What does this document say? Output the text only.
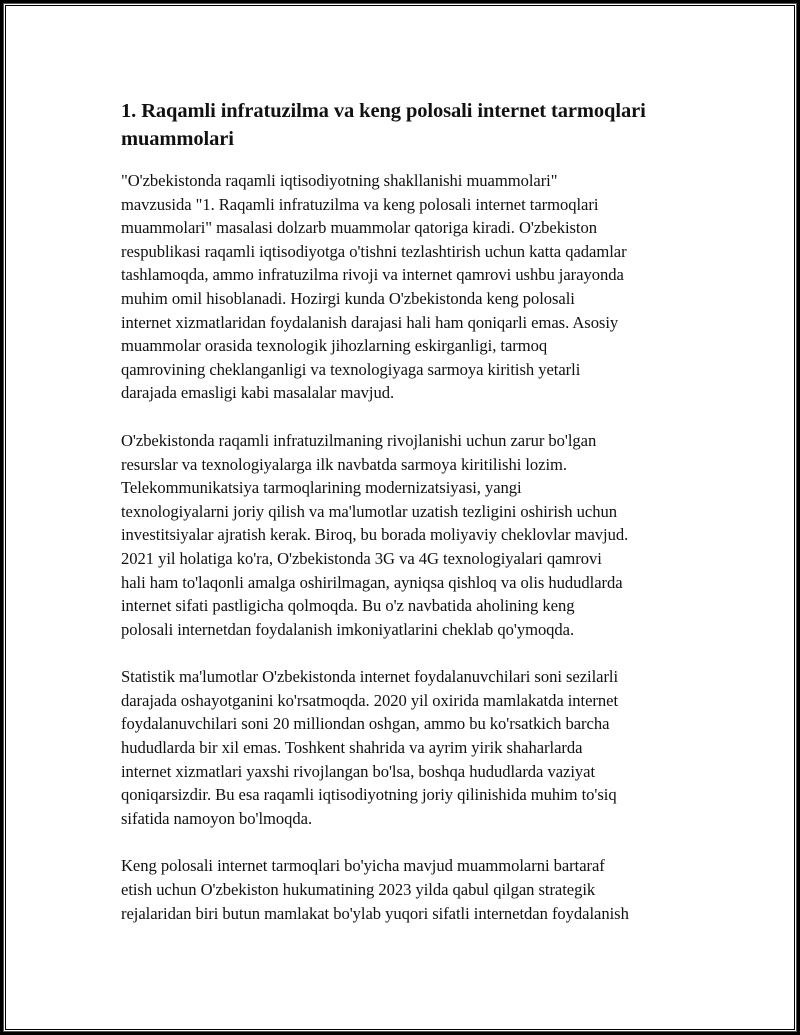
1. Raqamli infratuzilma va keng polosali internet tarmoqlari muammolari

"O'zbekistonda raqamli iqtisodiyotning shakllanishi muammolari"
mavzusida "1. Raqamli infratuzilma va keng polosali internet tarmoqlari
muammolari" masalasi dolzarb muammolar qatoriga kiradi. O'zbekiston
respublikasi raqamli iqtisodiyotga o'tishni tezlashtirish uchun katta qadamlar
tashlamoqda, ammo infratuzilma rivoji va internet qamrovi ushbu jarayonda
muhim omil hisoblanadi. Hozirgi kunda O'zbekistonda keng polosali
internet xizmatlaridan foydalanish darajasi hali ham qoniqarli emas. Asosiy
muammolar orasida texnologik jihozlarning eskirganligi, tarmoq
qamrovining cheklanganligi va texnologiyaga sarmoya kiritish yetarli
darajada emasligi kabi masalalar mavjud.

O'zbekistonda raqamli infratuzilmaning rivojlanishi uchun zarur bo'lgan
resurslar va texnologiyalarga ilk navbatda sarmoya kiritilishi lozim.
Telekommunikatsiya tarmoqlarining modernizatsiyasi, yangi
texnologiyalarni joriy qilish va ma'lumotlar uzatish tezligini oshirish uchun
investitsiyalar ajratish kerak. Biroq, bu borada moliyaviy cheklovlar mavjud.
2021 yil holatiga ko'ra, O'zbekistonda 3G va 4G texnologiyalari qamrovi
hali ham to'laqonli amalga oshirilmagan, ayniqsa qishloq va olis hududlarda
internet sifati pastligicha qolmoqda. Bu o'z navbatida aholining keng
polosali internetdan foydalanish imkoniyatlarini cheklab qo'ymoqda.

Statistik ma'lumotlar O'zbekistonda internet foydalanuvchilari soni sezilarli
darajada oshayotganini ko'rsatmoqda. 2020 yil oxirida mamlakatda internet
foydalanuvchilari soni 20 milliondan oshgan, ammo bu ko'rsatkich barcha
hududlarda bir xil emas. Toshkent shahrida va ayrim yirik shaharlarda
internet xizmatlari yaxshi rivojlangan bo'lsa, boshqa hududlarda vaziyat
qoniqarsizdir. Bu esa raqamli iqtisodiyotning joriy qilinishida muhim to'siq
sifatida namoyon bo'lmoqda.

Keng polosali internet tarmoqlari bo'yicha mavjud muammolarni bartaraf
etish uchun O'zbekiston hukumatining 2023 yilda qabul qilgan strategik
rejalaridan biri butun mamlakat bo'ylab yuqori sifatli internetdan foydalanish
